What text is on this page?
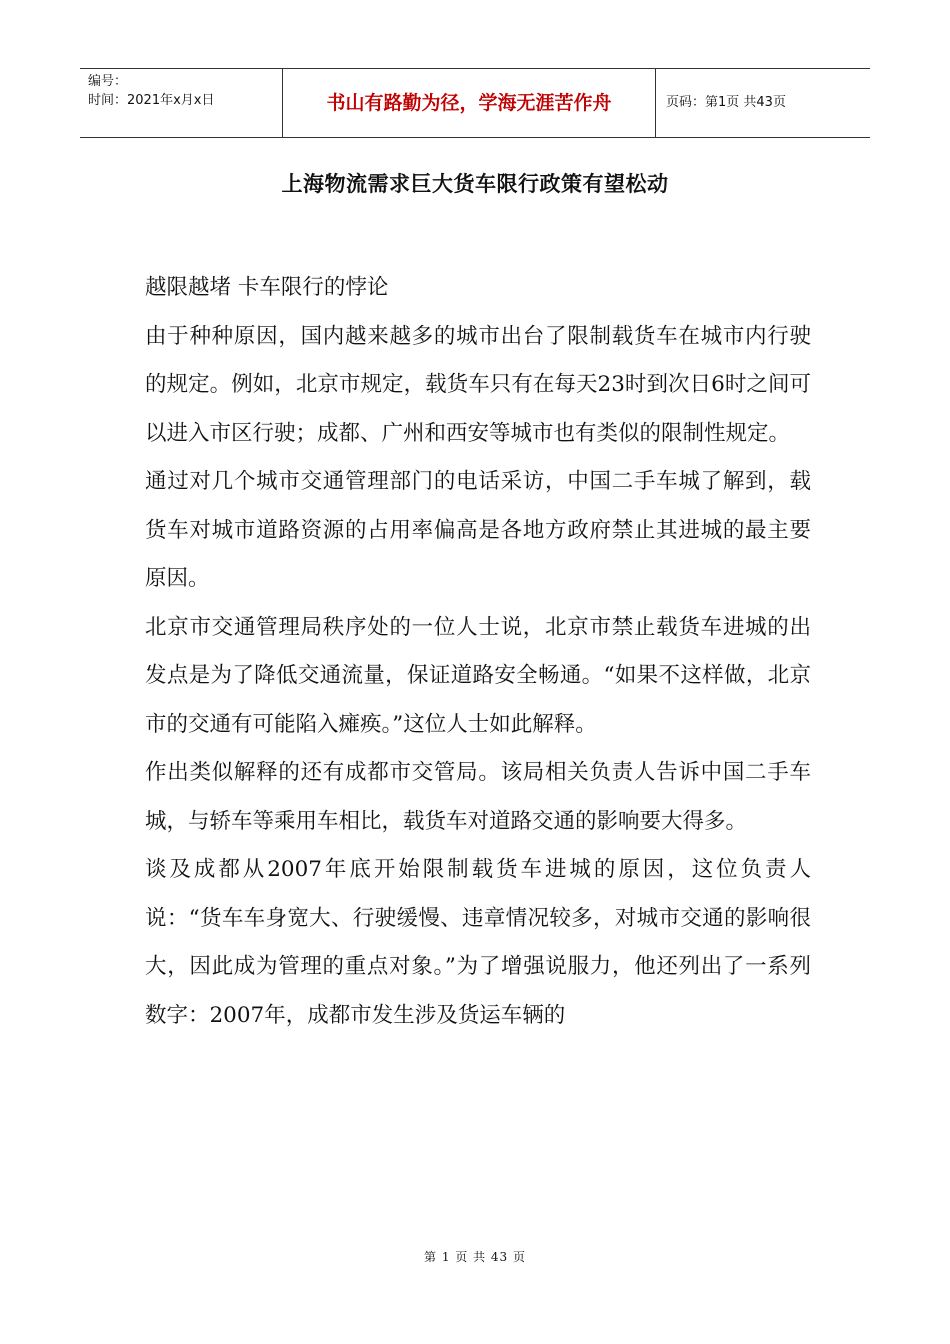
编号：
时间：2021年x月x日	书山有路勤为径，学海无涯苦作舟	页码：第1页 共43页
上海物流需求巨大货车限行政策有望松动

越限越堵 卡车限行的悖论

由于种种原因，国内越来越多的城市出台了限制载货车在城市内行驶的规定。例如，北京市规定，载货车只有在每天23时到次日6时之间可以进入市区行驶；成都、广州和西安等城市也有类似的限制性规定。

通过对几个城市交通管理部门的电话采访，中国二手车城了解到，载货车对城市道路资源的占用率偏高是各地方政府禁止其进城的最主要原因。

北京市交通管理局秩序处的一位人士说，北京市禁止载货车进城的出发点是为了降低交通流量，保证道路安全畅通。“如果不这样做，北京市的交通有可能陷入瘫痪。”这位人士如此解释。

作出类似解释的还有成都市交管局。该局相关负责人告诉中国二手车城，与轿车等乘用车相比，载货车对道路交通的影响要大得多。

谈及成都从2007年底开始限制载货车进城的原因，这位负责人说：“货车车身宽大、行驶缓慢、违章情况较多，对城市交通的影响很大，因此成为管理的重点对象。”为了增强说服力，他还列出了一系列数字：2007年，成都市发生涉及货运车辆的

第 1 页 共 43 页
